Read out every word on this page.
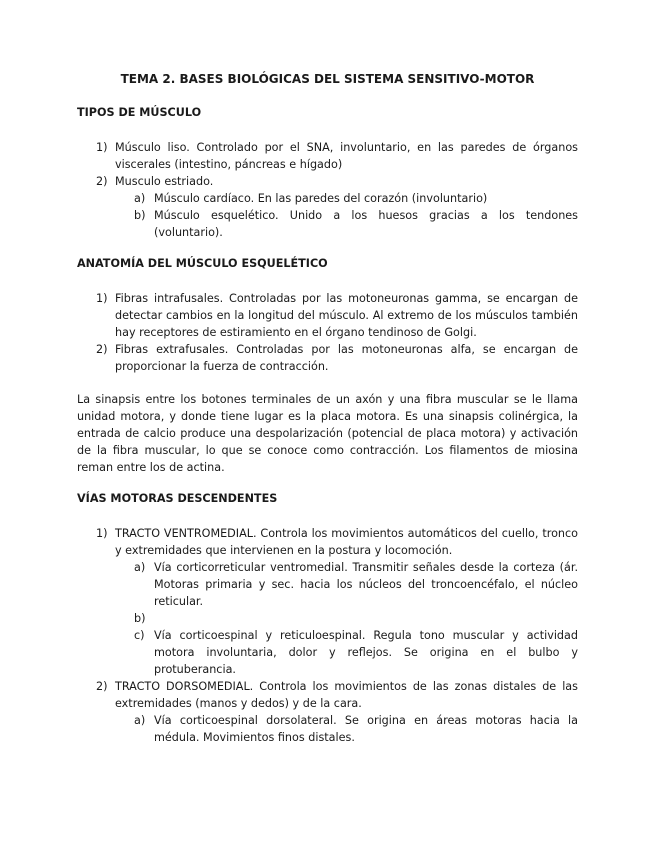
TEMA 2. BASES BIOLÓGICAS DEL SISTEMA SENSITIVO-MOTOR
TIPOS DE MÚSCULO
1) Músculo liso. Controlado por el SNA, involuntario, en las paredes de órganos viscerales (intestino, páncreas e hígado)
2) Musculo estriado.
a) Músculo cardíaco. En las paredes del corazón (involuntario)
b) Músculo esquelético. Unido a los huesos gracias a los tendones (voluntario).
ANATOMÍA DEL MÚSCULO ESQUELÉTICO
1) Fibras intrafusales. Controladas por las motoneuronas gamma, se encargan de detectar cambios en la longitud del músculo. Al extremo de los músculos también hay receptores de estiramiento en el órgano tendinoso de Golgi.
2) Fibras extrafusales. Controladas por las motoneuronas alfa, se encargan de proporcionar la fuerza de contracción.

La sinapsis entre los botones terminales de un axón y una fibra muscular se le llama unidad motora, y donde tiene lugar es la placa motora. Es una sinapsis colinérgica, la entrada de calcio produce una despolarización (potencial de placa motora) y activación de la fibra muscular, lo que se conoce como contracción. Los filamentos de miosina reman entre los de actina.

VÍAS MOTORAS DESCENDENTES
1) TRACTO VENTROMEDIAL. Controla los movimientos automáticos del cuello, tronco y extremidades que intervienen en la postura y locomoción.
a) Vía corticorreticular ventromedial. Transmitir señales desde la corteza (ár. Motoras primaria y sec. hacia los núcleos del troncoencéfalo, el núcleo reticular.
b)
c) Vía corticoespinal y reticuloespinal. Regula tono muscular y actividad motora involuntaria, dolor y reflejos. Se origina en el bulbo y protuberancia.
2) TRACTO DORSOMEDIAL. Controla los movimientos de las zonas distales de las extremidades (manos y dedos) y de la cara.
a) Vía corticoespinal dorsolateral. Se origina en áreas motoras hacia la médula. Movimientos finos distales.
